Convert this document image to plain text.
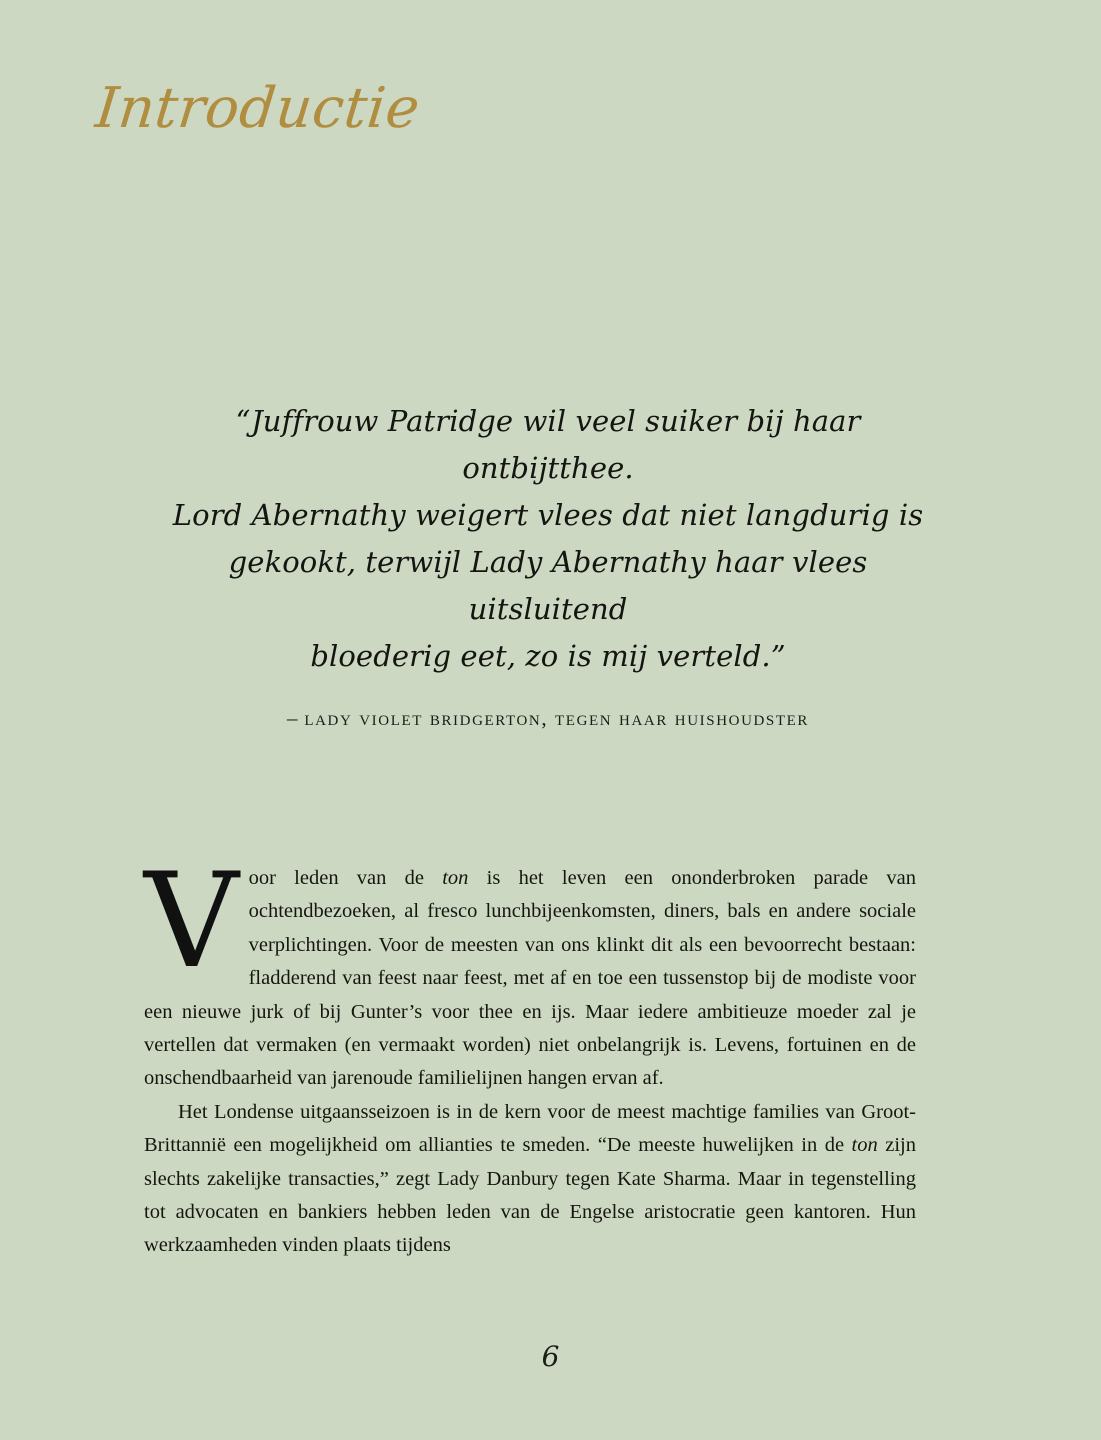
Introductie

“Juffrouw Patridge wil veel suiker bij haar ontbijtthee.

Lord Abernathy weigert vlees dat niet langdurig is

gekookt, terwijl Lady Abernathy haar vlees uitsluitend

bloederig eet, zo is mij verteld.”

– lady violet bridgerton, tegen haar huishoudster

Voor leden van de ton is het leven een ononderbroken parade van ochtendbezoeken, al fresco lunchbijeenkomsten, diners, bals en andere sociale verplichtingen. Voor de meesten van ons klinkt dit als een bevoorrecht bestaan: fladderend van feest naar feest, met af en toe een tussenstop bij de modiste voor een nieuwe jurk of bij Gunter’s voor thee en ijs. Maar iedere ambitieuze moeder zal je vertellen dat vermaken (en vermaakt worden) niet onbelangrijk is. Levens, fortuinen en de onschendbaarheid van jarenoude familielijnen hangen ervan af.

Het Londense uitgaansseizoen is in de kern voor de meest machtige families van Groot-Brittannië een mogelijkheid om allianties te smeden. “De meeste huwelijken in de ton zijn slechts zakelijke transacties,” zegt Lady Danbury tegen Kate Sharma. Maar in tegenstelling tot advocaten en bankiers hebben leden van de Engelse aristocratie geen kantoren. Hun werkzaamheden vinden plaats tijdens

6
